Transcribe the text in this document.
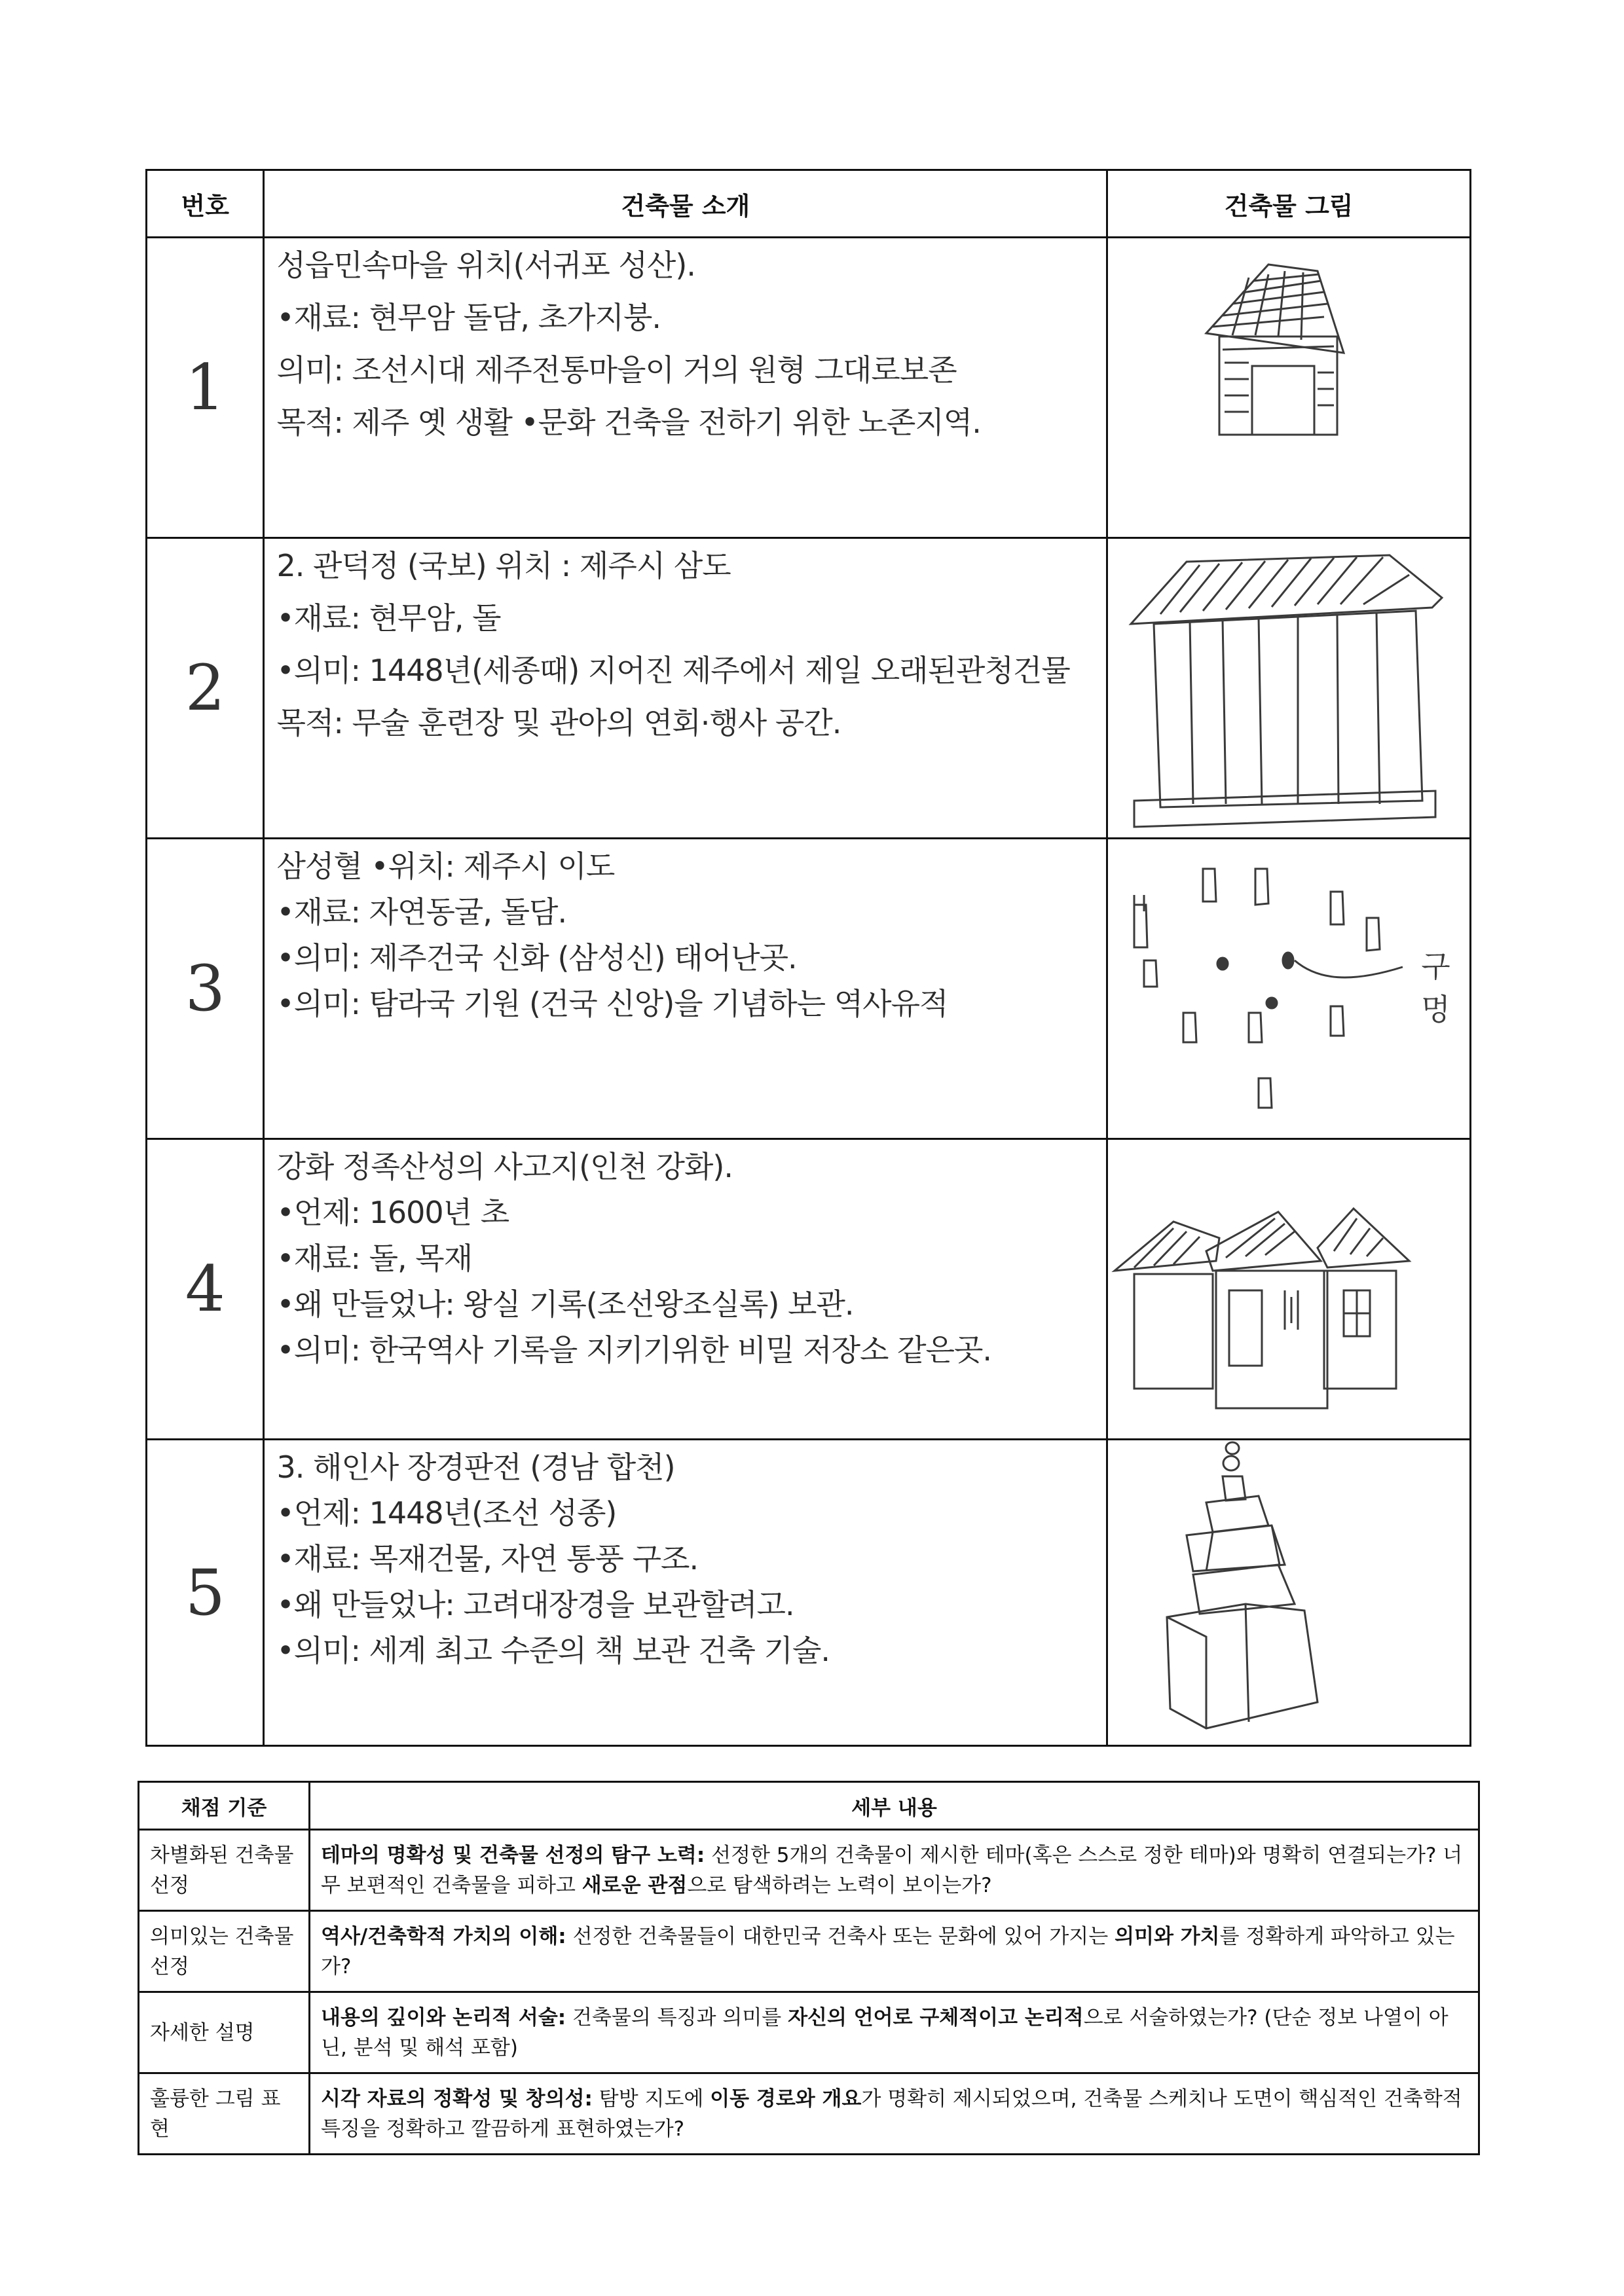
번호	건축물 소개	건축물 그림
1	성읍민속마을 위치(서귀포 성산).

•재료: 현무암 돌담, 초가지붕.

의미: 조선시대 제주전통마을이 거의 원형 그대로보존

목적: 제주 옛 생활 •문화 건축을 전하기 위한 노존지역.

2	2. 관덕정 (국보) 위치 : 제주시 삼도

•재료: 현무암, 돌

•의미: 1448년(세종때) 지어진 제주에서 제일 오래된관청건물

목적: 무술 훈련장 및 관아의 연회·행사 공간.

3	삼성혈 •위치: 제주시 이도

•재료: 자연동굴, 돌담.

•의미: 제주건국 신화 (삼성신) 태어난곳.

•의미: 탐라국 기원 (건국 신앙)을 기념하는 역사유적	구멍

4	강화 정족산성의 사고지(인천 강화).

•언제: 1600년 초

•재료: 돌, 목재

•왜 만들었나: 왕실 기록(조선왕조실록) 보관.

•의미: 한국역사 기록을 지키기위한 비밀 저장소 같은곳.

5	3. 해인사 장경판전 (경남 합천)

•언제: 1448년(조선 성종)

•재료: 목재건물, 자연 통풍 구조.

•왜 만들었나: 고려대장경을 보관할려고.

•의미: 세계 최고 수준의 책 보관 건축 기술.

채점 기준	세부 내용
차별화된 건축물 선정	테마의 명확성 및 건축물 선정의 탐구 노력: 선정한 5개의 건축물이 제시한 테마(혹은 스스로 정한 테마)와 명확히 연결되는가? 너무 보편적인 건축물을 피하고 새로운 관점으로 탐색하려는 노력이 보이는가?
의미있는 건축물 선정	역사/건축학적 가치의 이해: 선정한 건축물들이 대한민국 건축사 또는 문화에 있어 가지는 의미와 가치를 정확하게 파악하고 있는가?
자세한 설명	내용의 깊이와 논리적 서술: 건축물의 특징과 의미를 자신의 언어로 구체적이고 논리적으로 서술하였는가? (단순 정보 나열이 아닌, 분석 및 해석 포함)
훌륭한 그림 표현	시각 자료의 정확성 및 창의성: 탐방 지도에 이동 경로와 개요가 명확히 제시되었으며, 건축물 스케치나 도면이 핵심적인 건축학적 특징을 정확하고 깔끔하게 표현하였는가?
